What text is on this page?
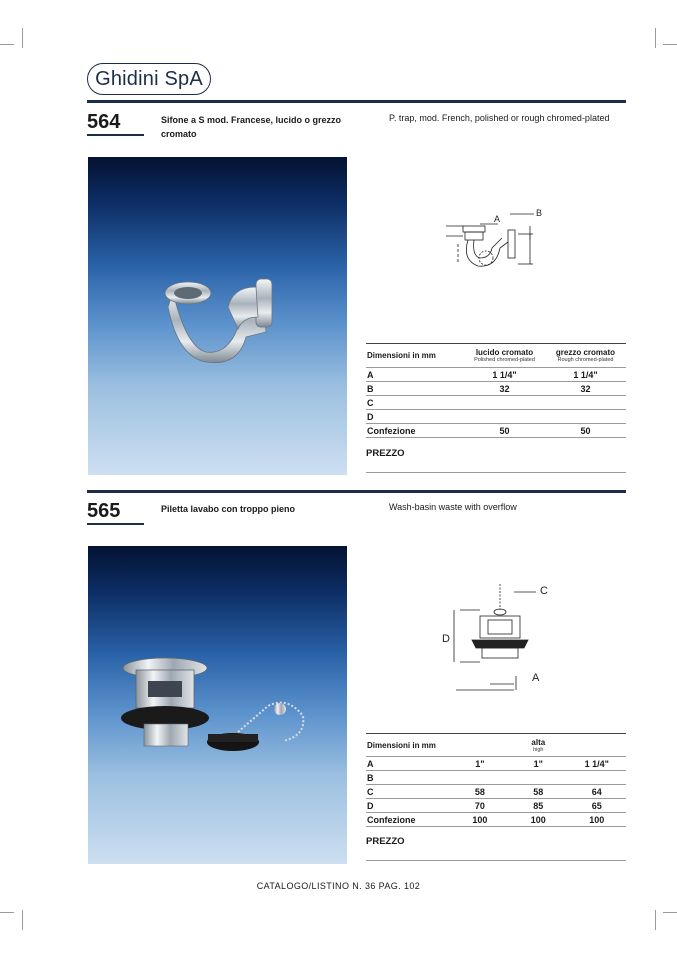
Ghidini SpA
564	Sifone a S mod. Francese, lucido o grezzo cromato
P. trap, mod. French, polished or rough chromed-plated
A
B
Dimensioni in mm	lucido cromato
Polished chromed-plated	grezzo cromato
Rough chromed-plated

A	1 1/4"	1 1/4"
B	32	32
C		
D		
Confezione	50	50
PREZZO
565	Piletta lavabo con troppo pieno	Wash-basin waste with overflow
C
D
A
Dimensioni in mm		alta
high	

A	1"	1"	1 1/4"
B			
C	58	58	64
D	70	85	65
Confezione	100	100	100
PREZZO
CATALOGO/LISTINO N. 36 PAG. 102
